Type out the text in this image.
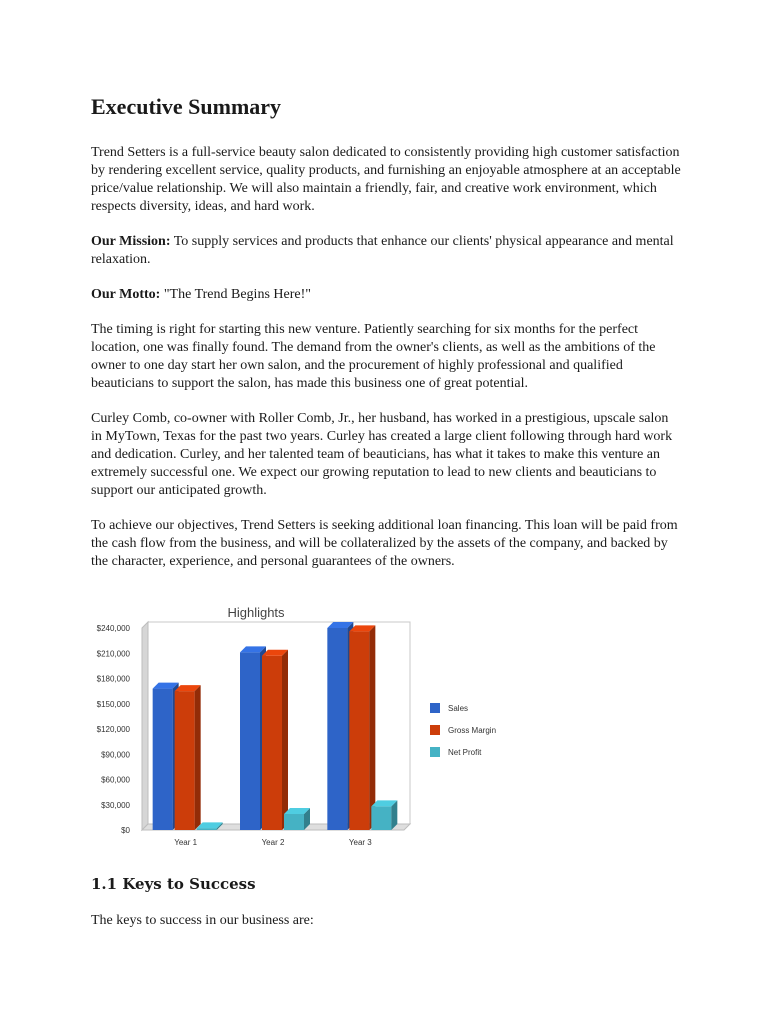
Executive Summary

Trend Setters is a full-service beauty salon dedicated to consistently providing high customer satisfaction by rendering excellent service, quality products, and furnishing an enjoyable atmosphere at an acceptable price/value relationship. We will also maintain a friendly, fair, and creative work environment, which respects diversity, ideas, and hard work.

Our Mission: To supply services and products that enhance our clients' physical appearance and mental relaxation.

Our Motto: "The Trend Begins Here!"

The timing is right for starting this new venture. Patiently searching for six months for the perfect location, one was finally found. The demand from the owner's clients, as well as the ambitions of the owner to one day start her own salon, and the procurement of highly professional and qualified beauticians to support the salon, has made this business one of great potential.

Curley Comb, co-owner with Roller Comb, Jr., her husband, has worked in a prestigious, upscale salon in MyTown, Texas for the past two years. Curley has created a large client following through hard work and dedication. Curley, and her talented team of beauticians, has what it takes to make this venture an extremely successful one. We expect our growing reputation to lead to new clients and beauticians to support our anticipated growth.

To achieve our objectives, Trend Setters is seeking additional loan financing. This loan will be paid from the cash flow from the business, and will be collateralized by the assets of the company, and backed by the character, experience, and personal guarantees of the owners.

Highlights
$0
$30,000
$60,000
$90,000
$120,000
$150,000
$180,000
$210,000
$240,000
Year 1	Year 2	Year 3
Sales
Gross Margin
Net Profit
1.1 Keys to Success

The keys to success in our business are:
